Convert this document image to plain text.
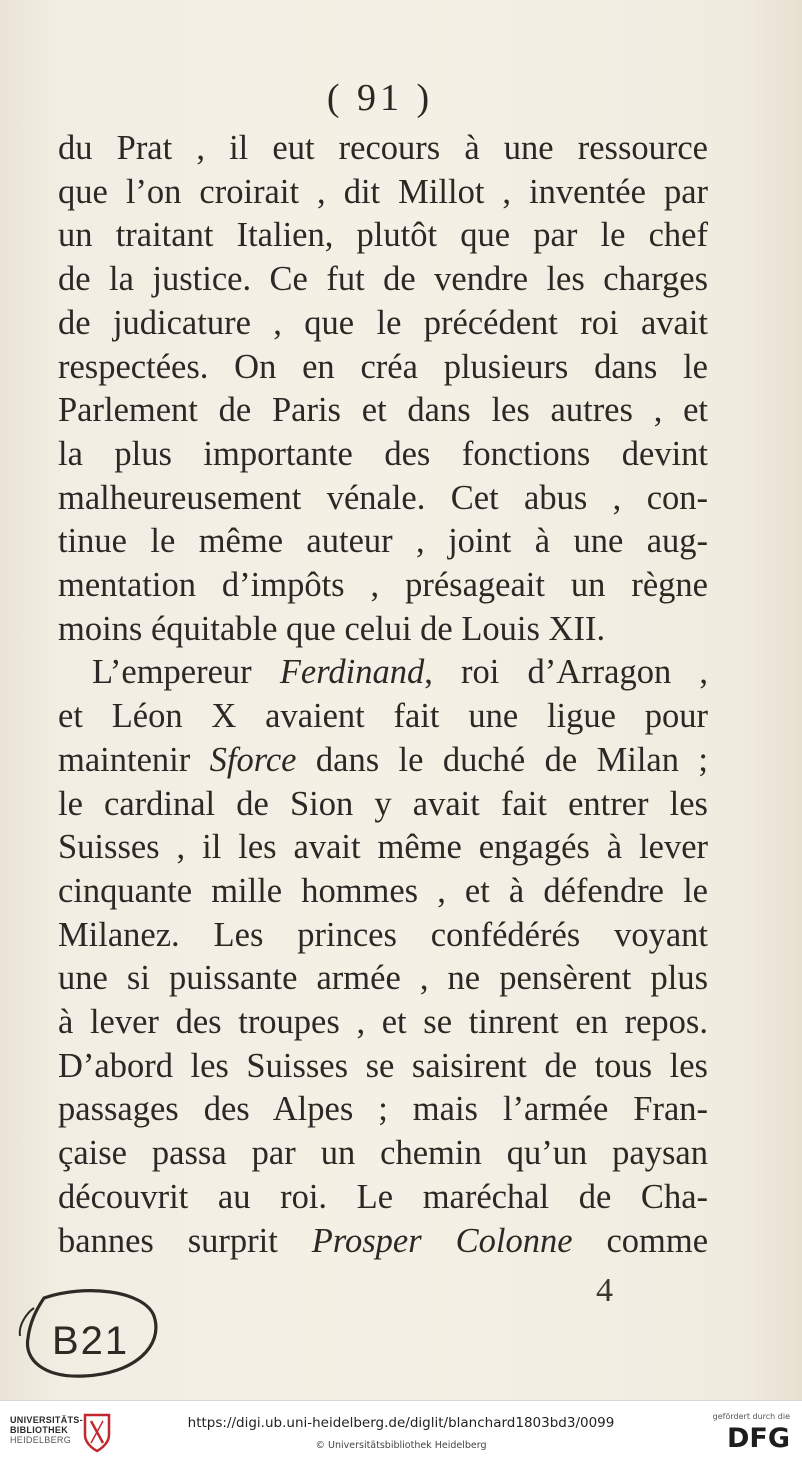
( 91 )
du Prat , il eut recours à une ressource
que l’on croirait , dit Millot , inventée par
un traitant Italien, plutôt que par le chef
de la justice. Ce fut de vendre les charges
de judicature , que le précédent roi avait
respectées. On en créa plusieurs dans le
Parlement de Paris et dans les autres , et
la plus importante des fonctions devint
malheureusement vénale. Cet abus , con-
tinue le même auteur , joint à une aug-
mentation d’impôts , présageait un règne
moins équitable que celui de Louis XII.
L’empereur Ferdinand, roi d’Arragon ,
et Léon X avaient fait une ligue pour
maintenir Sforce dans le duché de Milan ;
le cardinal de Sion y avait fait entrer les
Suisses , il les avait même engagés à lever
cinquante mille hommes , et à défendre le
Milanez. Les princes confédérés voyant
une si puissante armée , ne pensèrent plus
à lever des troupes , et se tinrent en repos.
D’abord les Suisses se saisirent de tous les
passages des Alpes ; mais l’armée Fran-
çaise passa par un chemin qu’un paysan
découvrit au roi. Le maréchal de Cha-
bannes surprit Prosper Colonne comme
4
B21
UNIVERSITÄTS-
BIBLIOTHEK
HEIDELBERG
https://digi.ub.uni-heidelberg.de/diglit/blanchard1803bd3/0099
© Universitätsbibliothek Heidelberg
gefördert durch die
DFG
